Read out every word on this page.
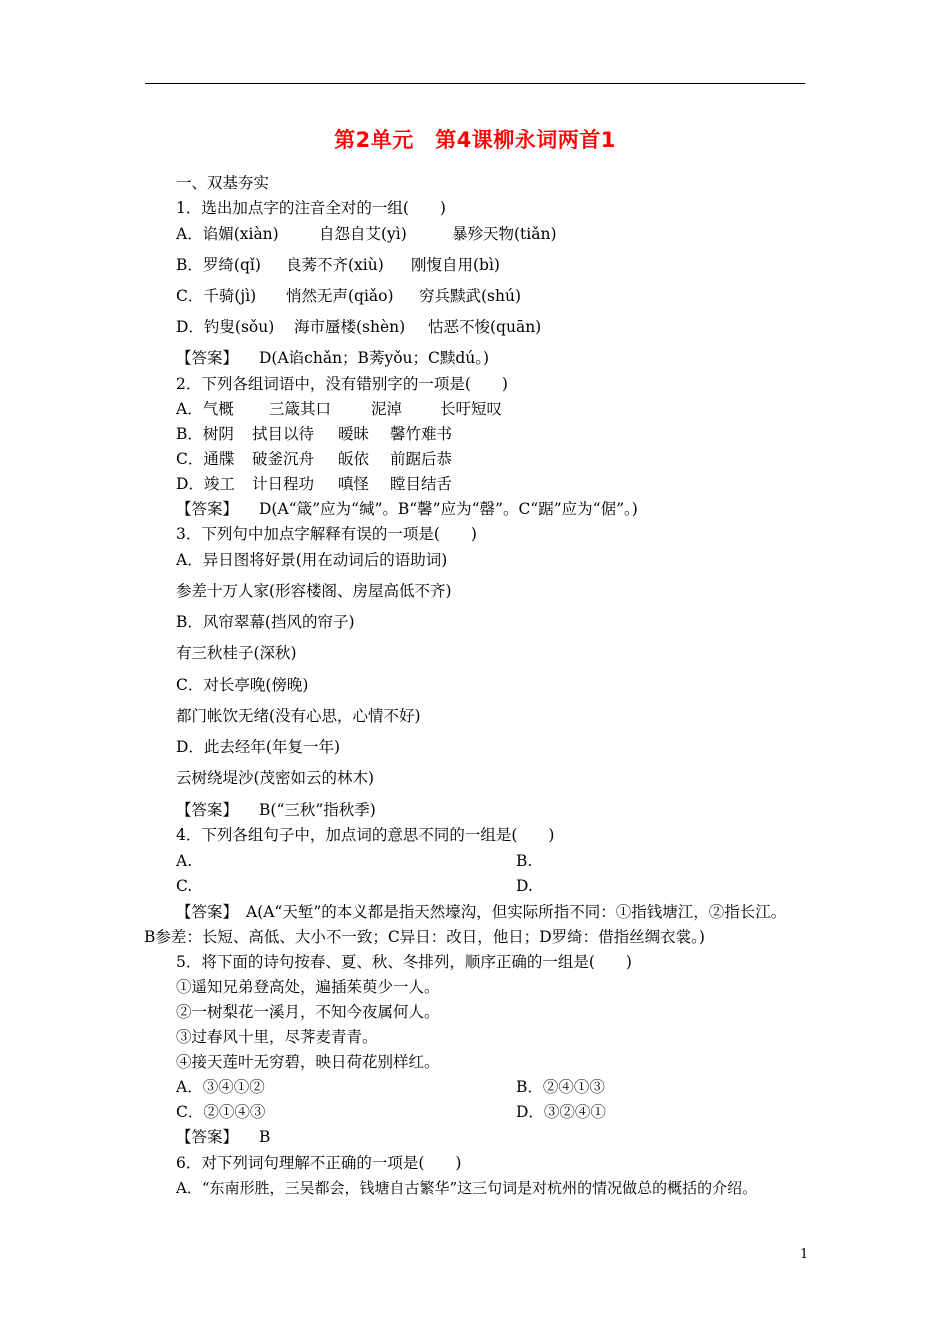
第2单元　第4课柳永词两首1
一、双基夯实
1．选出加点字的注音全对的一组(　　)
A．谄媚(xiàn)	自怨自艾(yì)	暴殄天物(tiǎn)
B．罗绮(qǐ) 良莠不齐(xiù) 刚愎自用(bì)
C．千骑(jì) 悄然无声(qiǎo) 穷兵黩武(shú)
D．钓叟(sǒu) 海市蜃楼(shèn) 怙恶不悛(quān)
【答案】 D(A谄chǎn；B莠yǒu；C黩dú。)
2．下列各组词语中，没有错别字的一项是(　　)
A．气概 三箴其口	泥淖 长吁短叹
B．树阴 拭目以待 暧昧 馨竹难书
C．通牒 破釜沉舟 皈依 前踞后恭
D．竣工 计日程功 嗔怪 瞠目结舌
【答案】 D(A“箴”应为“缄”。B“馨”应为“罄”。C“踞”应为“倨”。)
3．下列句中加点字解释有误的一项是(　　)
A．异日图将好景(用在动词后的语助词)
参差十万人家(形容楼阁、房屋高低不齐)
B．风帘翠幕(挡风的帘子)
有三秋桂子(深秋)
C．对长亭晚(傍晚)
都门帐饮无绪(没有心思，心情不好)
D．此去经年(年复一年)
云树绕堤沙(茂密如云的林木)
【答案】 B(“三秋”指秋季)
4．下列各组句子中，加点词的意思不同的一组是(　　)
A.	B.
C.	D.
【答案】 A(A“天堑”的本义都是指天然壕沟，但实际所指不同：①指钱塘江，②指长江。
B参差：长短、高低、大小不一致；C异日：改日，他日；D罗绮：借指丝绸衣裳。)
5．将下面的诗句按春、夏、秋、冬排列，顺序正确的一组是(　　)
①遥知兄弟登高处，遍插茱萸少一人。
②一树梨花一溪月，不知今夜属何人。
③过春风十里，尽荠麦青青。
④接天莲叶无穷碧，映日荷花别样红。
A．③④①②	B．②④①③
C．②①④③	D．③②④①
【答案】 B
6．对下列词句理解不正确的一项是(　　)
A．“东南形胜，三吴都会，钱塘自古繁华”这三句词是对杭州的情况做总的概括的介绍。
1
